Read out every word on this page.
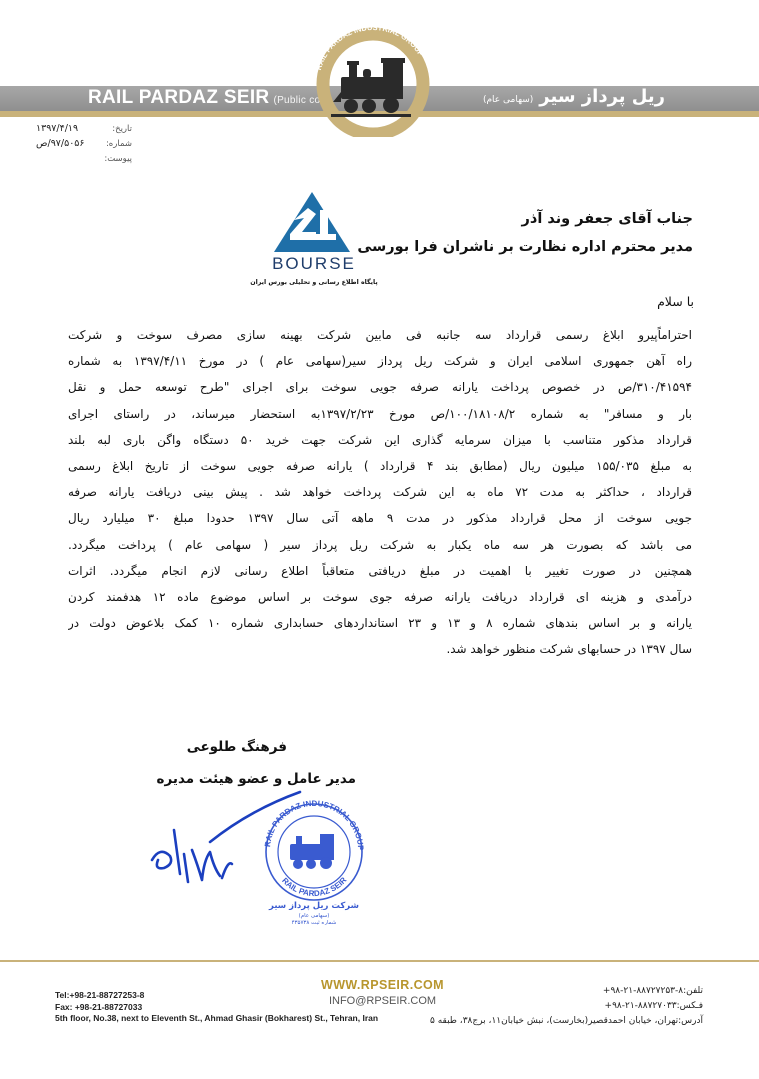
RAIL PARDAZ SEIR (Public co.)	ریل پرداز سیر(سهامی عام)
RAIL PARDAZ INDUSTRIAL GROUP
۱۳۹۷/۴/۱۹	تاریخ:
۹۷/۵۰۵۶/ص	شماره:
پیوست:
BOURSE
پایگاه اطلاع رسانی و تحلیلی بورس ایران
جناب آقای جعفر وند آذر
مدیر محترم اداره نظارت بر ناشران فرا بورسی
با سلام
احتراماًپیرو ابلاغ رسمی قرارداد سه جانبه فی مابین شرکت بهینه سازی مصرف سوخت و شرکت
راه آهن جمهوری اسلامی ایران و شرکت ریل پرداز سیر(سهامی عام ) در مورخ ۱۳۹۷/۴/۱۱ به شماره
۳۱۰/۴۱۵۹۴/ص در خصوص پرداخت یارانه صرفه جویی سوخت برای اجرای "طرح توسعه حمل و نقل
بار و مسافر" به شماره ۱۰۰/۱۸۱۰۸/۲/ص مورخ ۱۳۹۷/۲/۲۳به استحضار میرساند، در راستای اجرای
قرارداد مذکور متناسب با میزان سرمایه گذاری این شرکت جهت خرید ۵۰ دستگاه واگن باری لبه بلند
به مبلغ ۱۵۵/۰۳۵ میلیون ریال (مطابق بند ۴ قرارداد ) یارانه صرفه جویی سوخت از تاریخ ابلاغ رسمی
قرارداد ، حداکثر به مدت ۷۲ ماه به این شرکت پرداخت خواهد شد . پیش بینی دریافت یارانه صرفه
جویی سوخت از محل قرارداد مذکور در مدت ۹ ماهه آتی سال ۱۳۹۷ حدودا مبلغ ۳۰ میلیارد ریال
می باشد که بصورت هر سه ماه یکبار به شرکت ریل پرداز سیر ( سهامی عام ) پرداخت میگردد.
همچنین در صورت تغییر با اهمیت در مبلغ دریافتی متعاقباً اطلاع رسانی لازم انجام میگردد. اثرات
درآمدی و هزینه ای قرارداد دریافت یارانه صرفه جوی سوخت بر اساس موضوع ماده ۱۲ هدفمند کردن
یارانه و بر اساس بندهای شماره ۸ و ۱۳ و ۲۳ استانداردهای حسابداری شماره ۱۰ کمک بلاعوض دولت در
سال ۱۳۹۷ در حسابهای شرکت منظور خواهد شد.
فرهنگ طلوعی
مدیر عامل و عضو هیئت مدیره
RAIL PARDAZ INDUSTRIAL GROUP
RAIL PARDAZ SEIR
شرکت ریل پرداز سیر
(سهامی عام)
شماره ثبت ۴۳۵۷۳۸
Tel:+98-21-88727253-8
Fax: +98-21-88727033
5th floor, No.38, next to Eleventh St., Ahmad Ghasir (Bokharest) St., Tehran, Iran
WWW.RPSEIR.COM
INFO@RPSEIR.COM
تلفن:۸-۸۸۷۲۷۲۵۳-۲۱-۹۸+
فـکس:۸۸۷۲۷۰۳۳-۲۱-۹۸+
آدرس:تهران، خیابان احمدقصیر(بخارست)، نبش خیابان۱۱، برج۳۸، طبقه ۵
